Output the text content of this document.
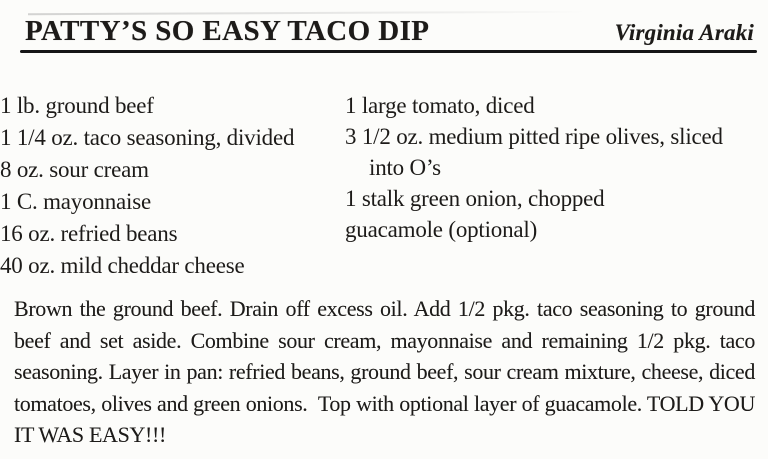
PATTY’S SO EASY TACO DIP	Virginia Araki
1 lb. ground beef
1 1/4 oz. taco seasoning, divided
8 oz. sour cream
1 C. mayonnaise
16 oz. refried beans
40 oz. mild cheddar cheese
1 large tomato, diced
3 1/2 oz. medium pitted ripe olives, sliced into O’s
1 stalk green onion, chopped
guacamole (optional)

Brown the ground beef. Drain off excess oil. Add 1/2 pkg. taco seasoning to ground beef and set aside. Combine sour cream, mayonnaise and remaining 1/2 pkg. taco seasoning. Layer in pan: refried beans, ground beef, sour cream mixture, cheese, diced tomatoes, olives and green onions.  Top with optional layer of guacamole. TOLD YOU IT WAS EASY!!!
